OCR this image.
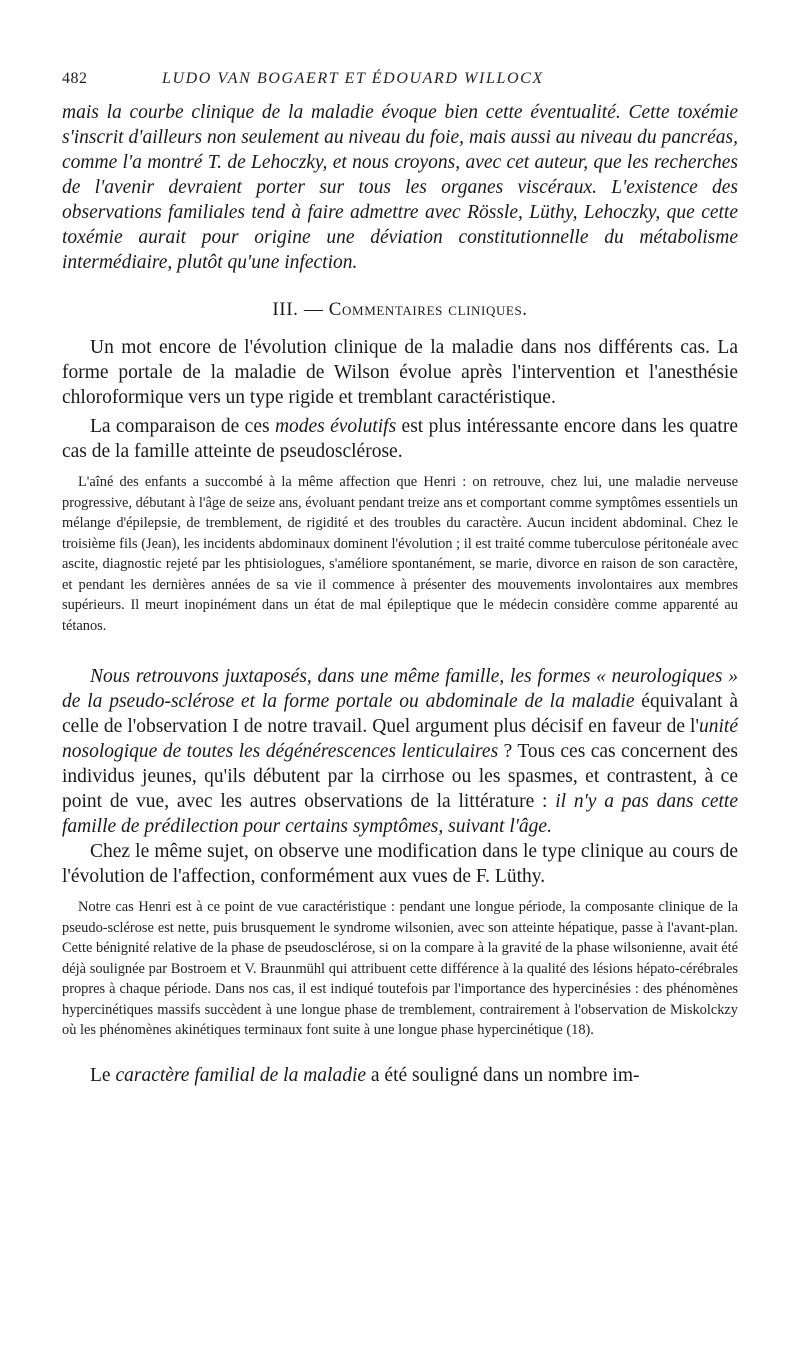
482	LUDO VAN BOGAERT ET ÉDOUARD WILLOCX

mais la courbe clinique de la maladie évoque bien cette éventualité. Cette toxémie s'inscrit d'ailleurs non seulement au niveau du foie, mais aussi au niveau du pancréas, comme l'a montré T. de Lehoczky, et nous croyons, avec cet auteur, que les recherches de l'avenir devraient porter sur tous les organes viscéraux. L'existence des observations familiales tend à faire admettre avec Rössle, Lüthy, Lehoczky, que cette toxémie aurait pour origine une déviation constitutionnelle du métabolisme intermédiaire, plutôt qu'une infection.

III. — Commentaires cliniques.

Un mot encore de l'évolution clinique de la maladie dans nos différents cas. La forme portale de la maladie de Wilson évolue après l'intervention et l'anesthésie chloroformique vers un type rigide et tremblant caractéristique.

La comparaison de ces modes évolutifs est plus intéressante encore dans les quatre cas de la famille atteinte de pseudosclérose.

L'aîné des enfants a succombé à la même affection que Henri : on retrouve, chez lui, une maladie nerveuse progressive, débutant à l'âge de seize ans, évoluant pendant treize ans et comportant comme symptômes essentiels un mélange d'épilepsie, de tremblement, de rigidité et des troubles du caractère. Aucun incident abdominal. Chez le troisième fils (Jean), les incidents abdominaux dominent l'évolution ; il est traité comme tuberculose péritonéale avec ascite, diagnostic rejeté par les phtisiologues, s'améliore spontanément, se marie, divorce en raison de son caractère, et pendant les dernières années de sa vie il commence à présenter des mouvements involontaires aux membres supérieurs. Il meurt inopinément dans un état de mal épileptique que le médecin considère comme apparenté au tétanos.

Nous retrouvons juxtaposés, dans une même famille, les formes « neurologiques » de la pseudo-sclérose et la forme portale ou abdominale de la maladie équivalant à celle de l'observation I de notre travail. Quel argument plus décisif en faveur de l'unité nosologique de toutes les dégénérescences lenticulaires ? Tous ces cas concernent des individus jeunes, qu'ils débutent par la cirrhose ou les spasmes, et contrastent, à ce point de vue, avec les autres observations de la littérature : il n'y a pas dans cette famille de prédilection pour certains symptômes, suivant l'âge.

Chez le même sujet, on observe une modification dans le type clinique au cours de l'évolution de l'affection, conformément aux vues de F. Lüthy.

Notre cas Henri est à ce point de vue caractéristique : pendant une longue période, la composante clinique de la pseudo-sclérose est nette, puis brusquement le syndrome wilsonien, avec son atteinte hépatique, passe à l'avant-plan. Cette bénignité relative de la phase de pseudosclérose, si on la compare à la gravité de la phase wilsonienne, avait été déjà soulignée par Bostroem et V. Braunmühl qui attribuent cette différence à la qualité des lésions hépato-cérébrales propres à chaque période. Dans nos cas, il est indiqué toutefois par l'importance des hypercinésies : des phénomènes hypercinétiques massifs succèdent à une longue phase de tremblement, contrairement à l'observation de Miskolckzy où les phénomènes akinétiques terminaux font suite à une longue phase hypercinétique (18).

Le caractère familial de la maladie a été souligné dans un nombre im-
